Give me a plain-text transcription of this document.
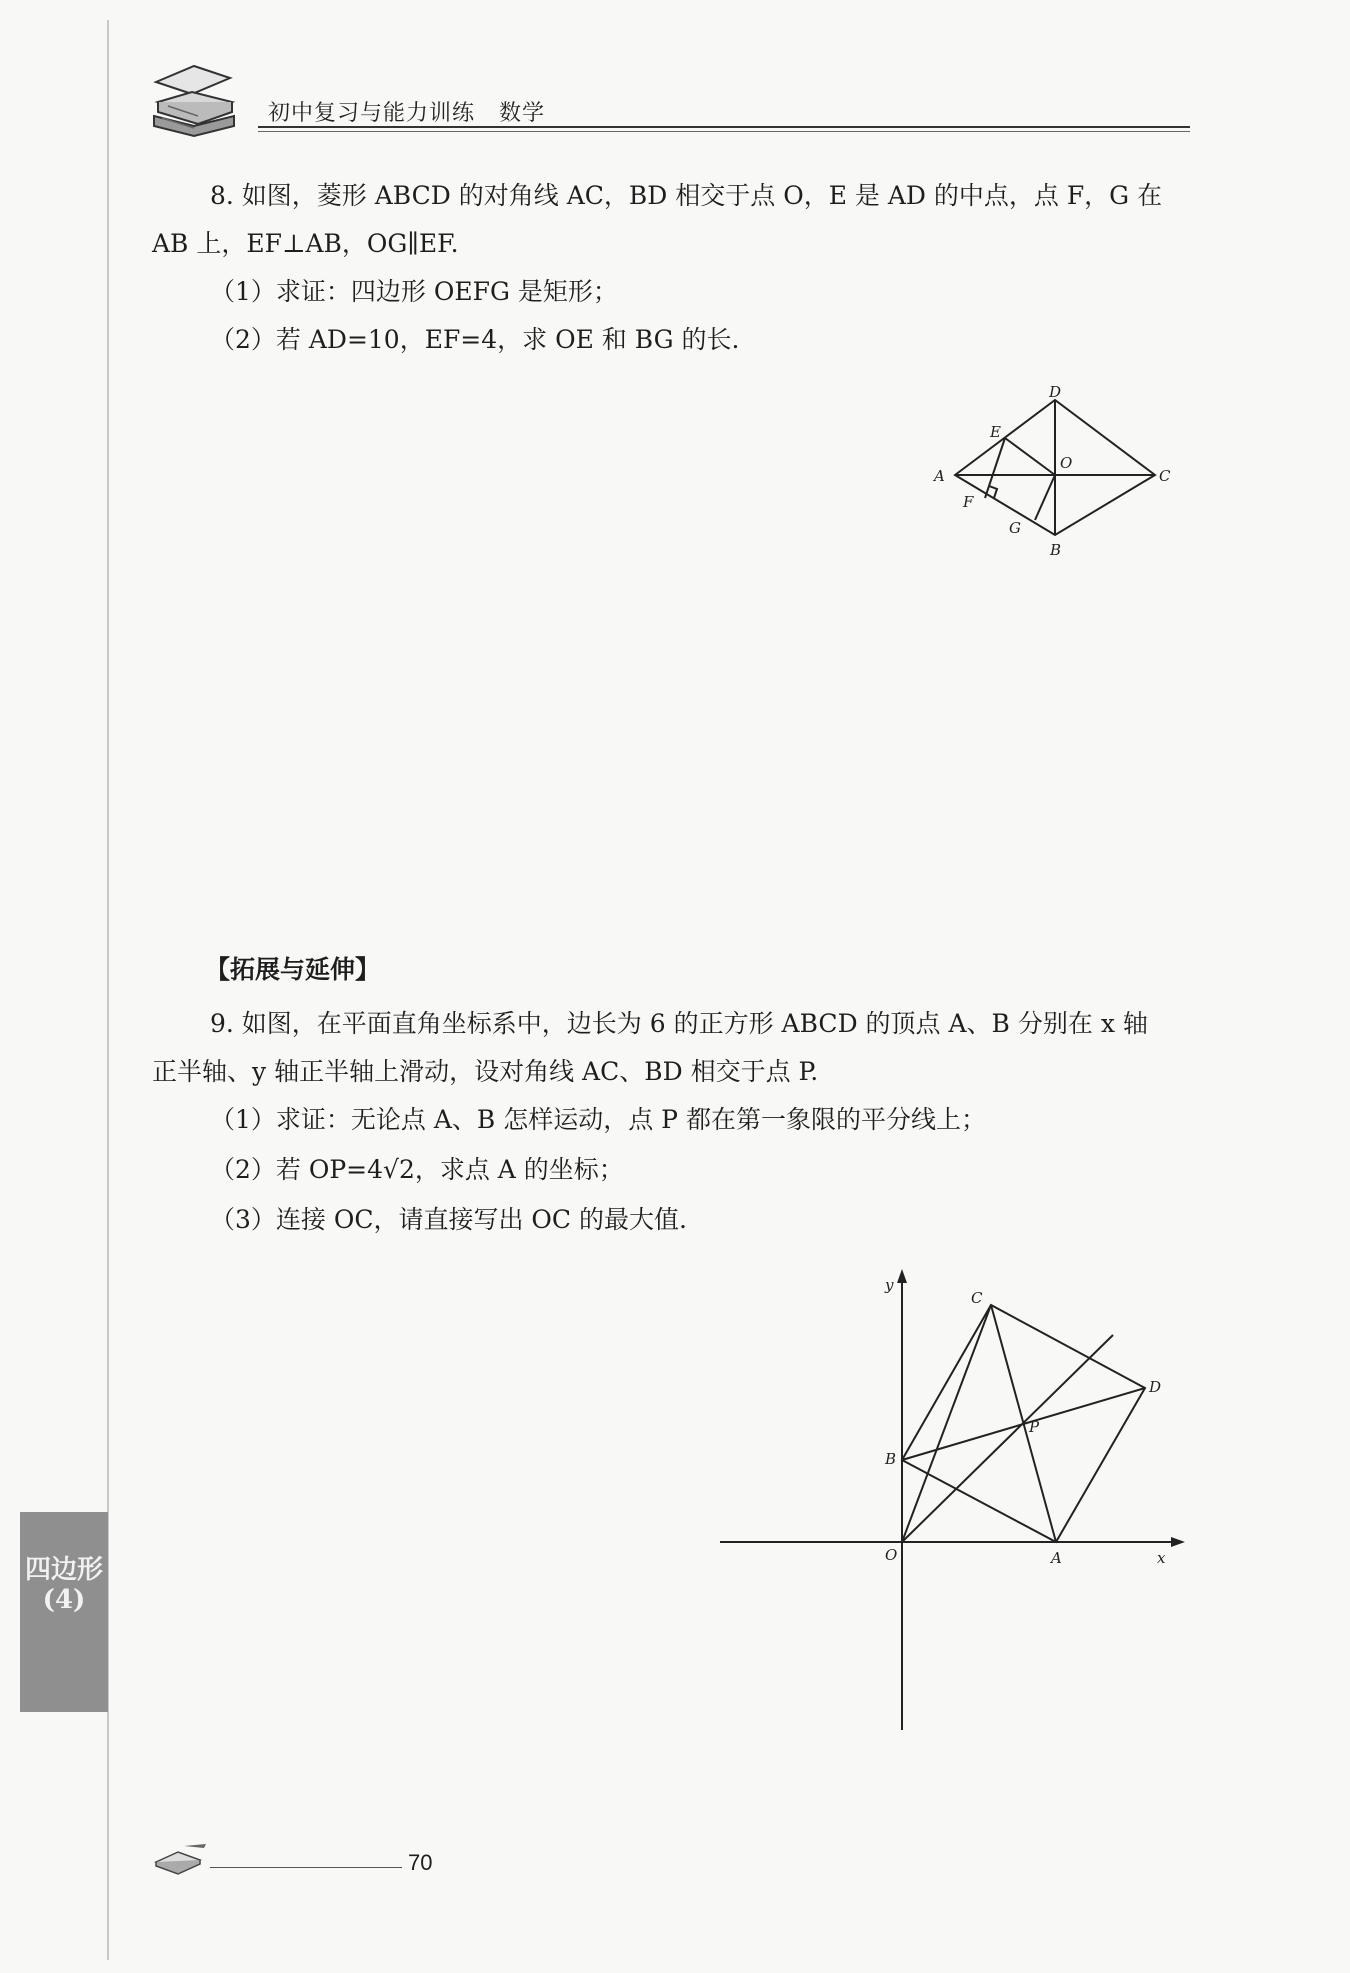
初中复习与能力训练 数学
8. 如图，菱形 ABCD 的对角线 AC，BD 相交于点 O，E 是 AD 的中点，点 F，G 在
AB 上，EF⊥AB，OG∥EF.
（1）求证：四边形 OEFG 是矩形；
（2）若 AD=10，EF=4，求 OE 和 BG 的长.
A
B
C
D
E
F
G
O
【拓展与延伸】
9. 如图，在平面直角坐标系中，边长为 6 的正方形 ABCD 的顶点 A、B 分别在 x 轴
正半轴、y 轴正半轴上滑动，设对角线 AC、BD 相交于点 P.
（1）求证：无论点 A、B 怎样运动，点 P 都在第一象限的平分线上；
（2）若 OP=4√2，求点 A 的坐标；
（3）连接 OC，请直接写出 OC 的最大值.
y
x
O	A
B
C
D
P
四边形(4)
70
